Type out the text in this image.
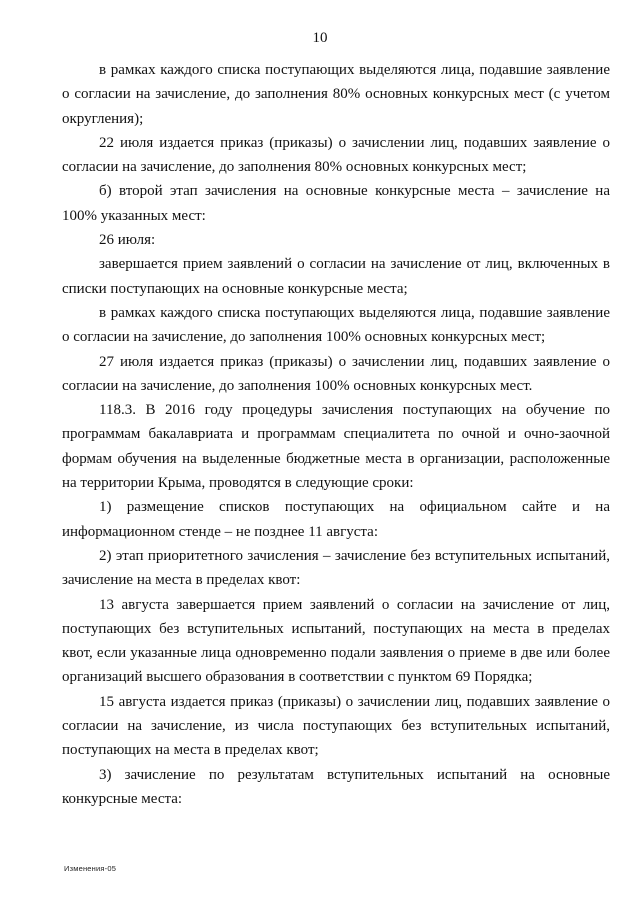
10

в рамках каждого списка поступающих выделяются лица, подавшие заявление о согласии на зачисление, до заполнения 80% основных конкурсных мест (с учетом округления);

22 июля издается приказ (приказы) о зачислении лиц, подавших заявление о согласии на зачисление, до заполнения 80% основных конкурсных мест;

б) второй этап зачисления на основные конкурсные места – зачисление на 100% указанных мест:

26 июля:

завершается прием заявлений о согласии на зачисление от лиц, включенных в списки поступающих на основные конкурсные места;

в рамках каждого списка поступающих выделяются лица, подавшие заявление о согласии на зачисление, до заполнения 100% основных конкурсных мест;

27 июля издается приказ (приказы) о зачислении лиц, подавших заявление о согласии на зачисление, до заполнения 100% основных конкурсных мест.

118.3. В 2016 году процедуры зачисления поступающих на обучение по программам бакалавриата и программам специалитета по очной и очно-заочной формам обучения на выделенные бюджетные места в организации, расположенные на территории Крыма, проводятся в следующие сроки:

1) размещение списков поступающих на официальном сайте и на информационном стенде – не позднее 11 августа:

2) этап приоритетного зачисления – зачисление без вступительных испытаний, зачисление на места в пределах квот:

13 августа завершается прием заявлений о согласии на зачисление от лиц, поступающих без вступительных испытаний, поступающих на места в пределах квот, если указанные лица одновременно подали заявления о приеме в две или более организаций высшего образования в соответствии с пунктом 69 Порядка;

15 августа издается приказ (приказы) о зачислении лиц, подавших заявление о согласии на зачисление, из числа поступающих без вступительных испытаний, поступающих на места в пределах квот;

3) зачисление по результатам вступительных испытаний на основные конкурсные места:

Изменения-05
